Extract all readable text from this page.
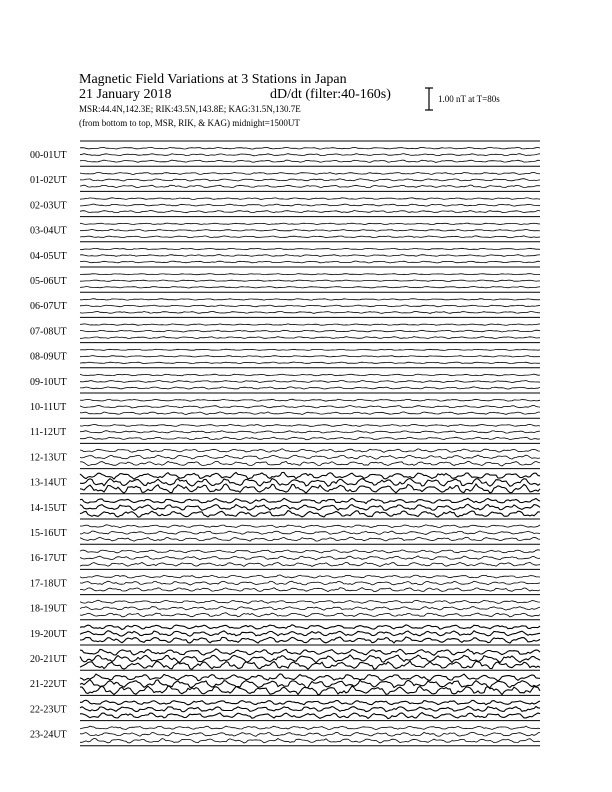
Magnetic Field Variations at 3 Stations in Japan
21 January 2018	dD/dt (filter:40-160s)
MSR:44.4N,142.3E; RIK:43.5N,143.8E; KAG:31.5N,130.7E
(from bottom to top, MSR, RIK, & KAG) midnight=1500UT
1.00 nT at T=80s
00-01UT
01-02UT
02-03UT
03-04UT
04-05UT
05-06UT
06-07UT
07-08UT
08-09UT
09-10UT
10-11UT
11-12UT
12-13UT
13-14UT
14-15UT
15-16UT
16-17UT
17-18UT
18-19UT
19-20UT
20-21UT
21-22UT
22-23UT
23-24UT
